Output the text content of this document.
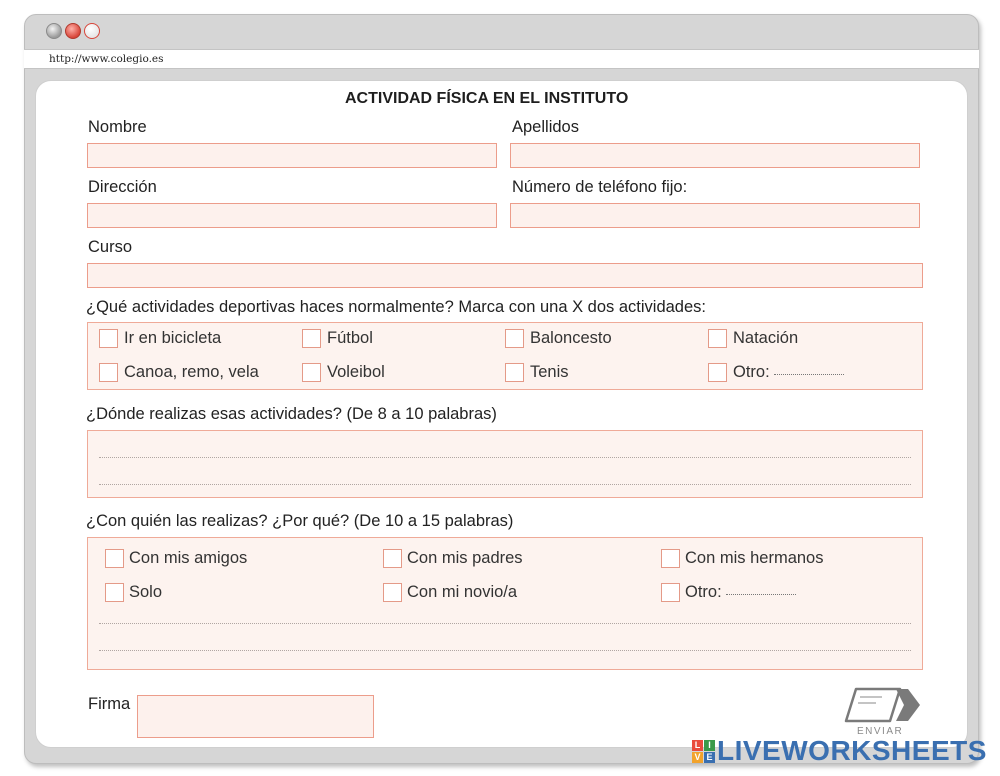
http://www.colegio.es
ACTIVIDAD FÍSICA EN EL INSTITUTO
Nombre	Apellidos
Dirección	Número de teléfono fijo:
Curso
¿Qué actividades deportivas haces normalmente? Marca con una X dos actividades:
Ir en bicicleta	Fútbol	Baloncesto	Natación
Canoa, remo, vela	Voleibol	Tenis	Otro:
¿Dónde realizas esas actividades? (De 8 a 10 palabras)
¿Con quién las realizas? ¿Por qué? (De 10 a 15 palabras)
Con mis amigos	Con mis padres	Con mis hermanos
Solo	Con mi novio/a	Otro:
Firma
ENVIAR
L I
V E LIVEWORKSHEETS
